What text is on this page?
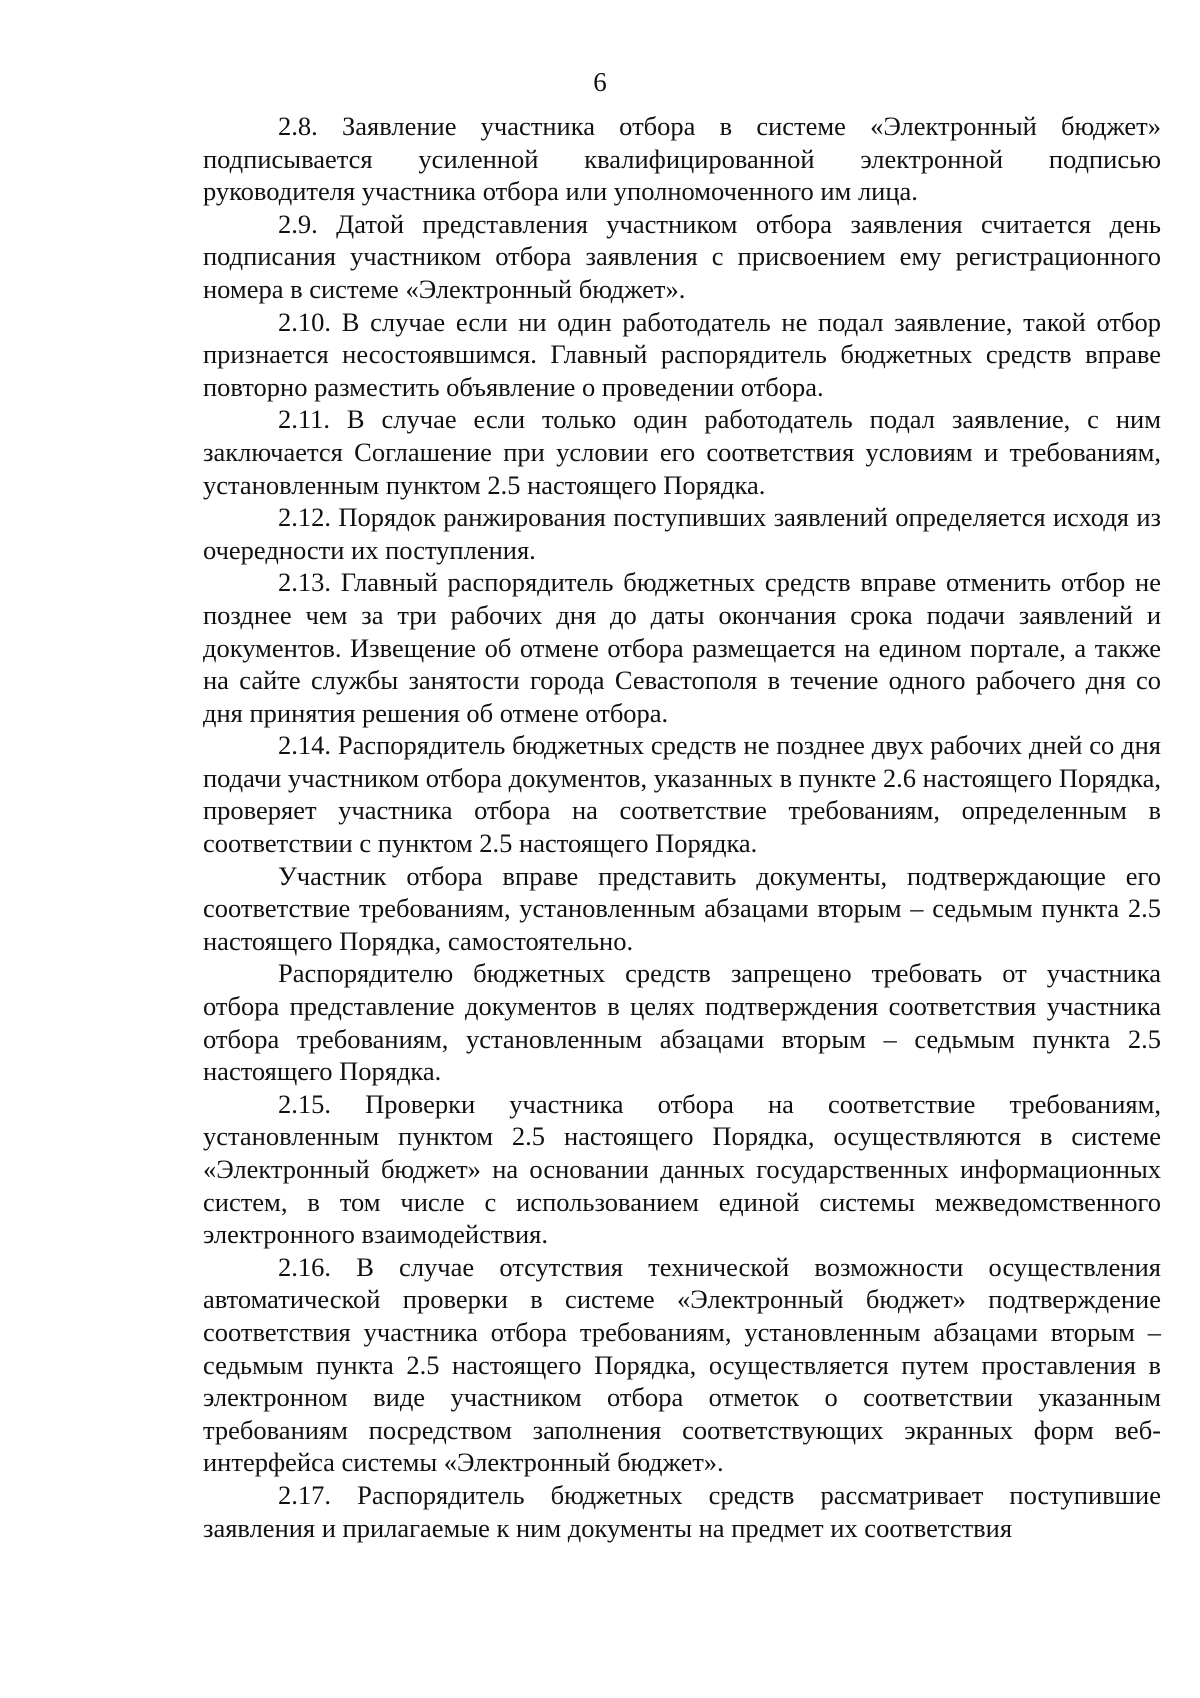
6

2.8. Заявление участника отбора в системе «Электронный бюджет» подписывается усиленной квалифицированной электронной подписью руководителя участника отбора или уполномоченного им лица.

2.9. Датой представления участником отбора заявления считается день подписания участником отбора заявления с присвоением ему регистрационного номера в системе «Электронный бюджет».

2.10. В случае если ни один работодатель не подал заявление, такой отбор признается несостоявшимся. Главный распорядитель бюджетных средств вправе повторно разместить объявление о проведении отбора.

2.11. В случае если только один работодатель подал заявление, с ним заключается Соглашение при условии его соответствия условиям и требованиям, установленным пунктом 2.5 настоящего Порядка.

2.12. Порядок ранжирования поступивших заявлений определяется исходя из очередности их поступления.

2.13. Главный распорядитель бюджетных средств вправе отменить отбор не позднее чем за три рабочих дня до даты окончания срока подачи заявлений и документов. Извещение об отмене отбора размещается на едином портале, а также на сайте службы занятости города Севастополя в течение одного рабочего дня со дня принятия решения об отмене отбора.

2.14. Распорядитель бюджетных средств не позднее двух рабочих дней со дня подачи участником отбора документов, указанных в пункте 2.6 настоящего Порядка, проверяет участника отбора на соответствие требованиям, определенным в соответствии с пунктом 2.5 настоящего Порядка.

Участник отбора вправе представить документы, подтверждающие его соответствие требованиям, установленным абзацами вторым – седьмым пункта 2.5 настоящего Порядка, самостоятельно.

Распорядителю бюджетных средств запрещено требовать от участника отбора представление документов в целях подтверждения соответствия участника отбора требованиям, установленным абзацами вторым – седьмым пункта 2.5 настоящего Порядка.

2.15. Проверки участника отбора на соответствие требованиям, установленным пунктом 2.5 настоящего Порядка, осуществляются в системе «Электронный бюджет» на основании данных государственных информационных систем, в том числе с использованием единой системы межведомственного электронного взаимодействия.

2.16. В случае отсутствия технической возможности осуществления автоматической проверки в системе «Электронный бюджет» подтверждение соответствия участника отбора требованиям, установленным абзацами вторым – седьмым пункта 2.5 настоящего Порядка, осуществляется путем проставления в электронном виде участником отбора отметок о соответствии указанным требованиям посредством заполнения соответствующих экранных форм веб-интерфейса системы «Электронный бюджет».

2.17. Распорядитель бюджетных средств рассматривает поступившие заявления и прилагаемые к ним документы на предмет их соответствия
